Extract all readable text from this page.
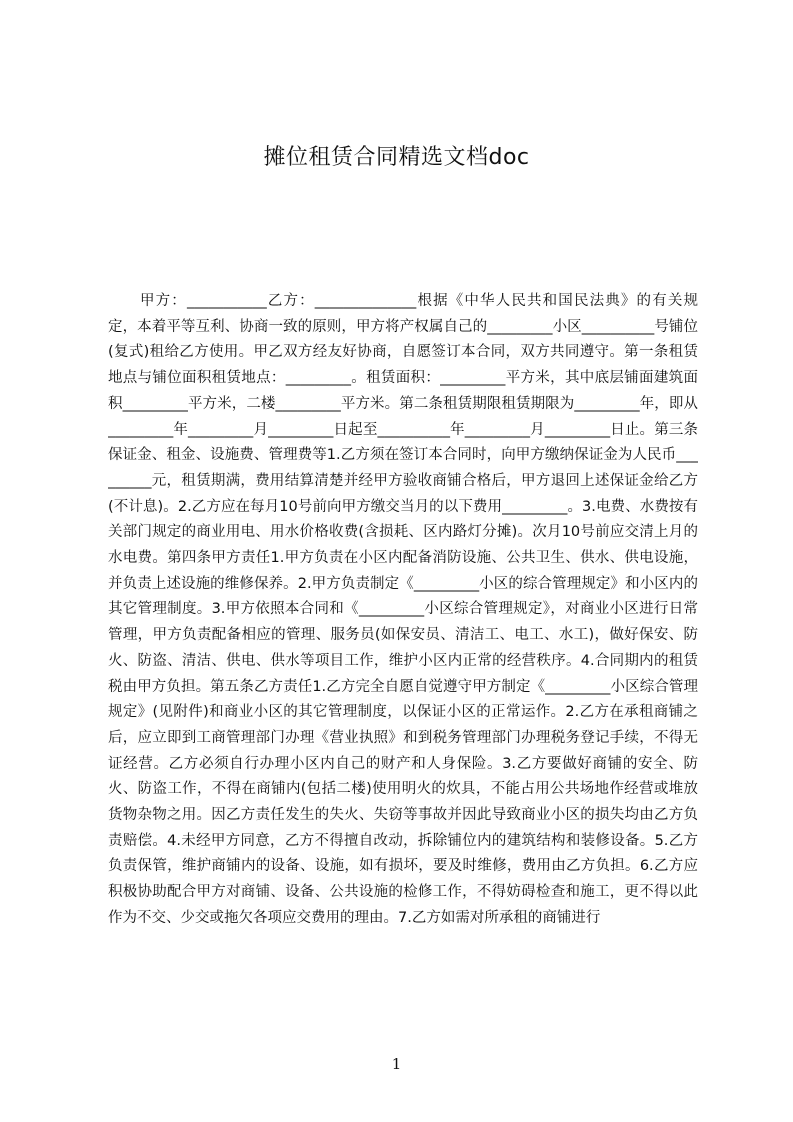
摊位租赁合同精选文档doc

甲方：___________乙方：______________根据《中华人民共和国民法典》的有关规定，本着平等互利、协商一致的原则，甲方将产权属自己的_________小区__________号铺位(复式)租给乙方使用。甲乙双方经友好协商，自愿签订本合同，双方共同遵守。第一条租赁地点与铺位面积租赁地点：_________。租赁面积：_________平方米，其中底层铺面建筑面积_________平方米，二楼_________平方米。第二条租赁期限租赁期限为_________年，即从_________年_________月_________日起至__________年_________月_________日止。第三条保证金、租金、设施费、管理费等1.乙方须在签订本合同时，向甲方缴纳保证金为人民币_________元，租赁期满，费用结算清楚并经甲方验收商铺合格后，甲方退回上述保证金给乙方(不计息)。2.乙方应在每月10号前向甲方缴交当月的以下费用_________。3.电费、水费按有关部门规定的商业用电、用水价格收费(含损耗、区内路灯分摊)。次月10号前应交清上月的水电费。第四条甲方责任1.甲方负责在小区内配备消防设施、公共卫生、供水、供电设施，并负责上述设施的维修保养。2.甲方负责制定《_________小区的综合管理规定》和小区内的其它管理制度。3.甲方依照本合同和《_________小区综合管理规定》，对商业小区进行日常管理，甲方负责配备相应的管理、服务员(如保安员、清洁工、电工、水工)，做好保安、防火、防盗、清洁、供电、供水等项目工作，维护小区内正常的经营秩序。4.合同期内的租赁税由甲方负担。第五条乙方责任1.乙方完全自愿自觉遵守甲方制定《_________小区综合管理规定》(见附件)和商业小区的其它管理制度，以保证小区的正常运作。2.乙方在承租商铺之后，应立即到工商管理部门办理《营业执照》和到税务管理部门办理税务登记手续，不得无证经营。乙方必须自行办理小区内自己的财产和人身保险。3.乙方要做好商铺的安全、防火、防盗工作，不得在商铺内(包括二楼)使用明火的炊具，不能占用公共场地作经营或堆放货物杂物之用。因乙方责任发生的失火、失窃等事故并因此导致商业小区的损失均由乙方负责赔偿。4.未经甲方同意，乙方不得擅自改动，拆除铺位内的建筑结构和装修设备。5.乙方负责保管，维护商铺内的设备、设施，如有损坏，要及时维修，费用由乙方负担。6.乙方应积极协助配合甲方对商铺、设备、公共设施的检修工作，不得妨碍检查和施工，更不得以此作为不交、少交或拖欠各项应交费用的理由。7.乙方如需对所承租的商铺进行

1
